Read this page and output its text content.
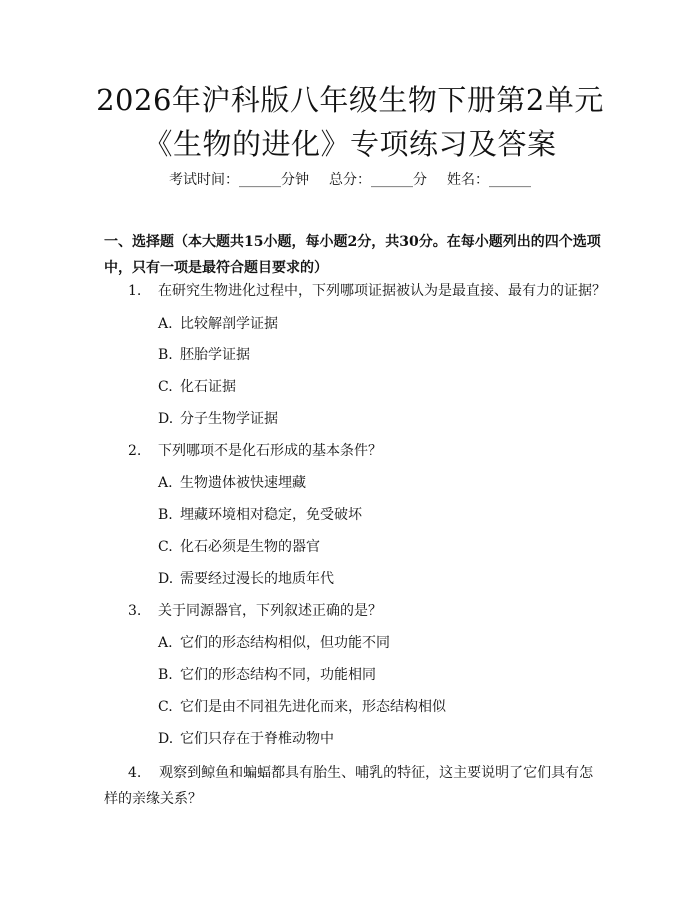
2026年沪科版八年级生物下册第2单元《生物的进化》专项练习及答案
考试时间：______分钟 总分：______分 姓名：______
一、选择题（本大题共15小题，每小题2分，共30分。在每小题列出的四个选项中，只有一项是最符合题目要求的）
1. 在研究生物进化过程中，下列哪项证据被认为是最直接、最有力的证据？
A. 比较解剖学证据
B. 胚胎学证据
C. 化石证据
D. 分子生物学证据
2. 下列哪项不是化石形成的基本条件？
A. 生物遗体被快速埋藏
B. 埋藏环境相对稳定，免受破坏
C. 化石必须是生物的器官
D. 需要经过漫长的地质年代
3. 关于同源器官，下列叙述正确的是？
A. 它们的形态结构相似，但功能不同
B. 它们的形态结构不同，功能相同
C. 它们是由不同祖先进化而来，形态结构相似
D. 它们只存在于脊椎动物中
4. 观察到鲸鱼和蝙蝠都具有胎生、哺乳的特征，这主要说明了它们具有怎样的亲缘关系？
